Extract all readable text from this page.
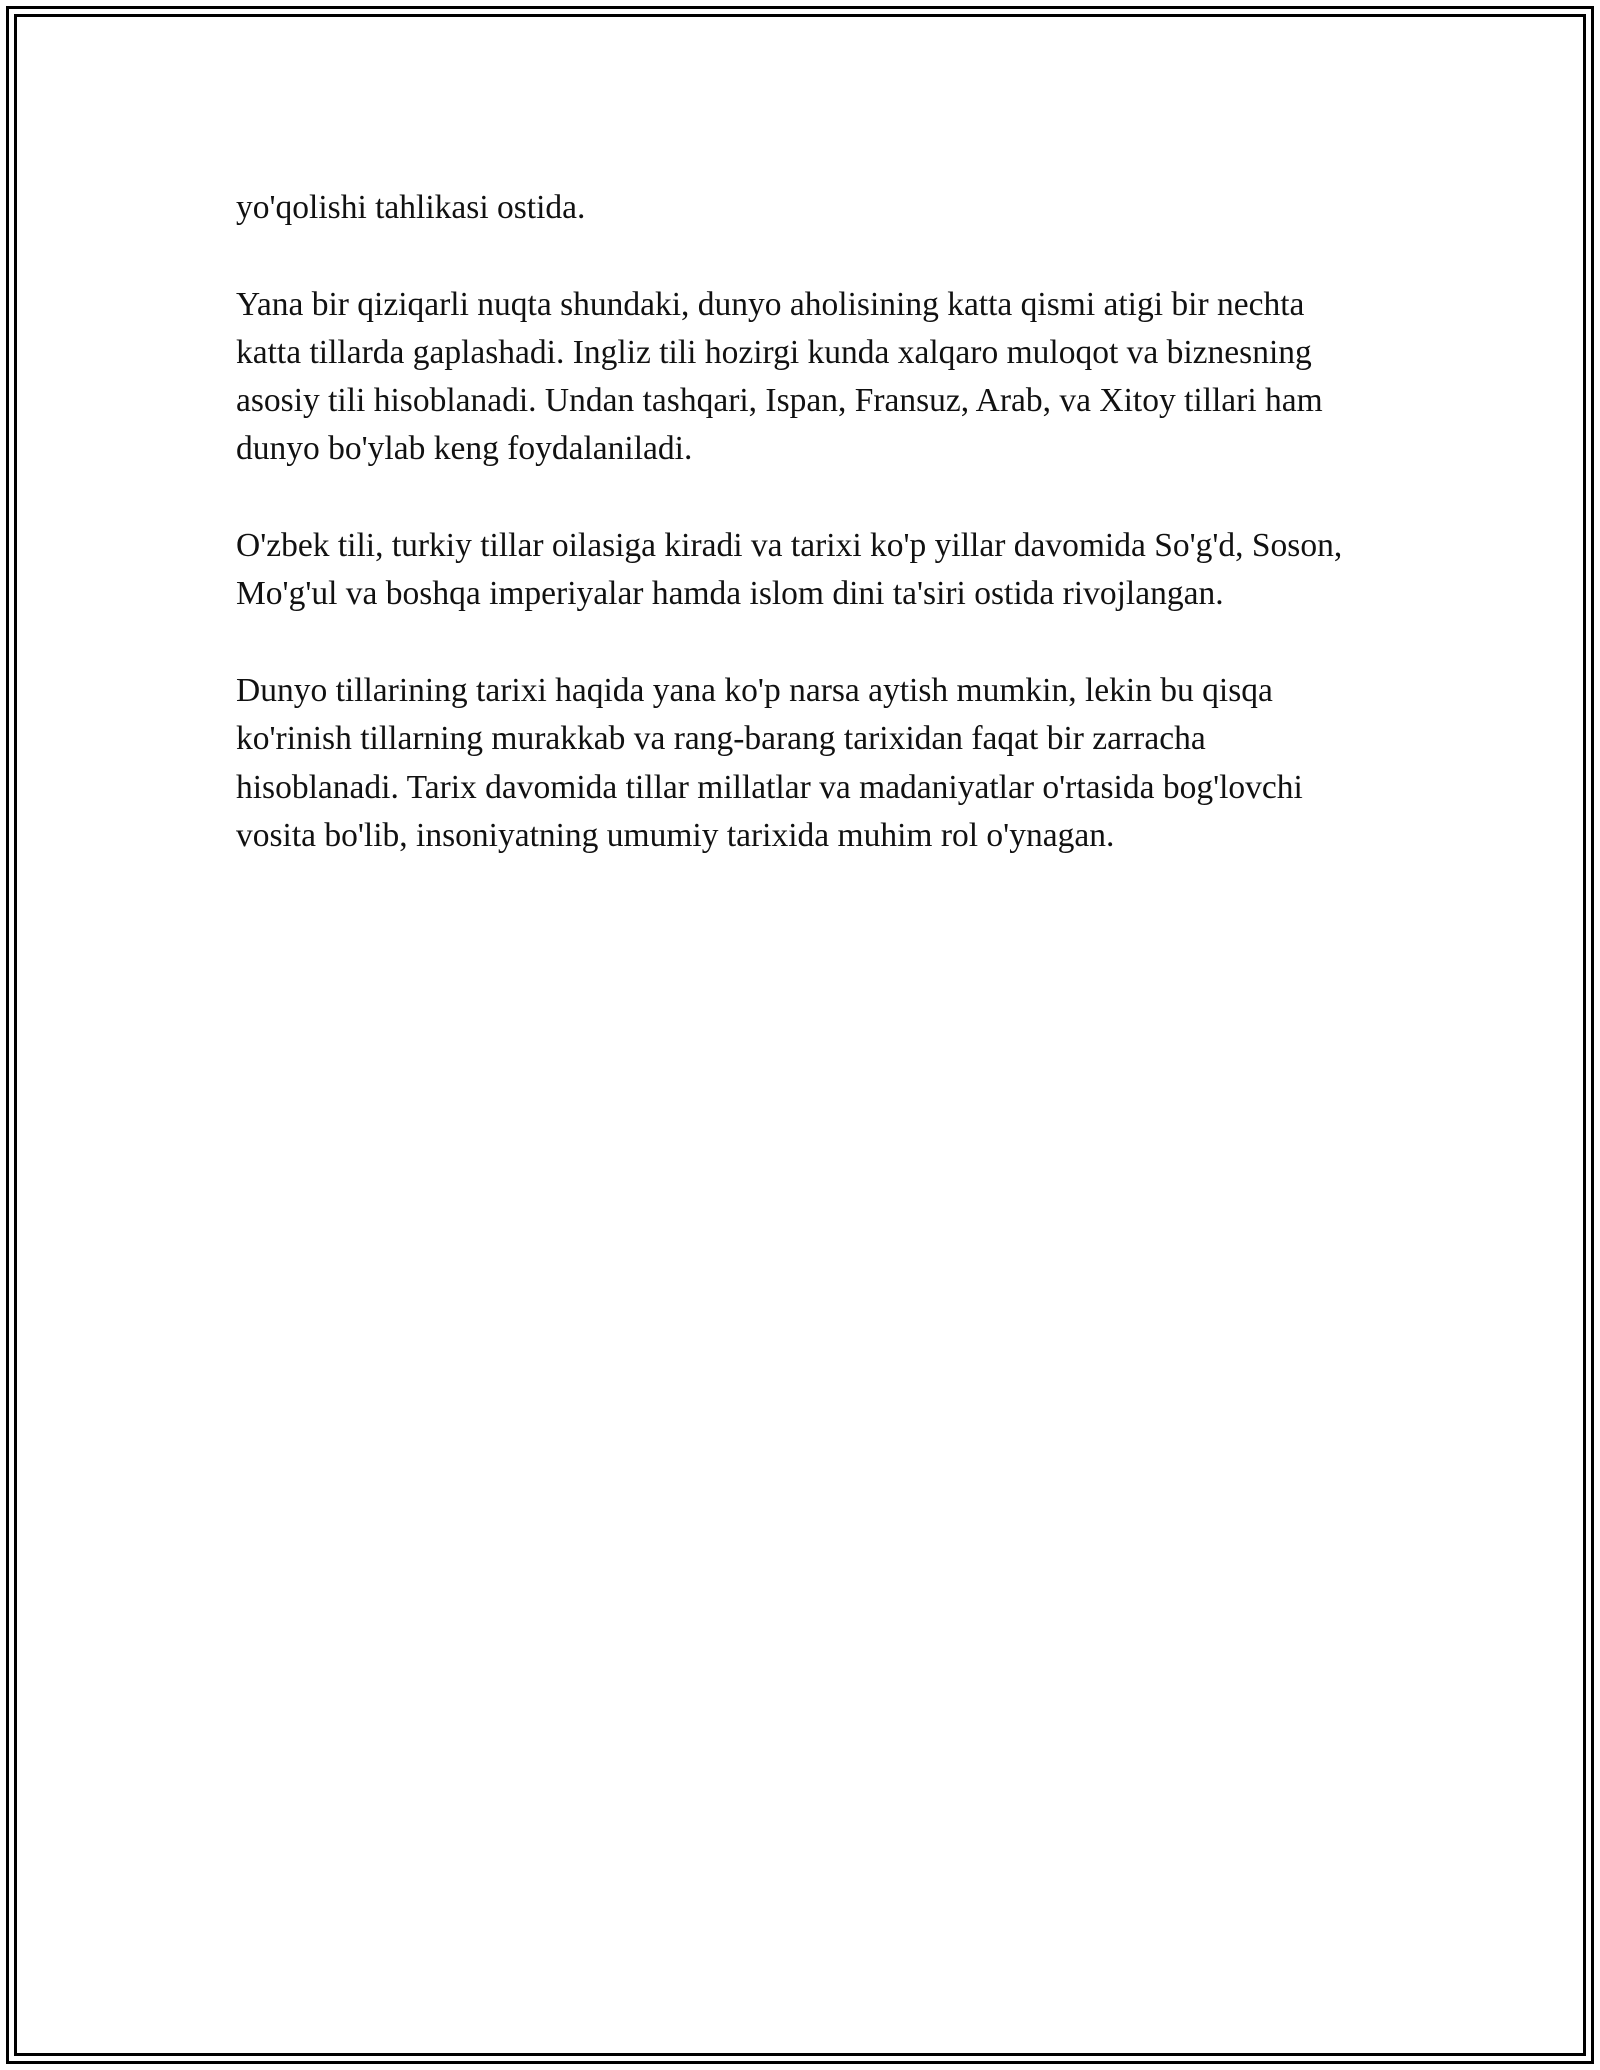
yo'qolishi tahlikasi ostida.

Yana bir qiziqarli nuqta shundaki, dunyo aholisining katta qismi atigi bir nechta katta tillarda gaplashadi. Ingliz tili hozirgi kunda xalqaro muloqot va biznesning asosiy tili hisoblanadi. Undan tashqari, Ispan, Fransuz, Arab, va Xitoy tillari ham dunyo bo'ylab keng foydalaniladi.

O'zbek tili, turkiy tillar oilasiga kiradi va tarixi ko'p yillar davomida So'g'd, Soson, Mo'g'ul va boshqa imperiyalar hamda islom dini ta'siri ostida rivojlangan.

Dunyo tillarining tarixi haqida yana ko'p narsa aytish mumkin, lekin bu qisqa ko'rinish tillarning murakkab va rang-barang tarixidan faqat bir zarracha hisoblanadi. Tarix davomida tillar millatlar va madaniyatlar o'rtasida bog'lovchi vosita bo'lib, insoniyatning umumiy tarixida muhim rol o'ynagan.
